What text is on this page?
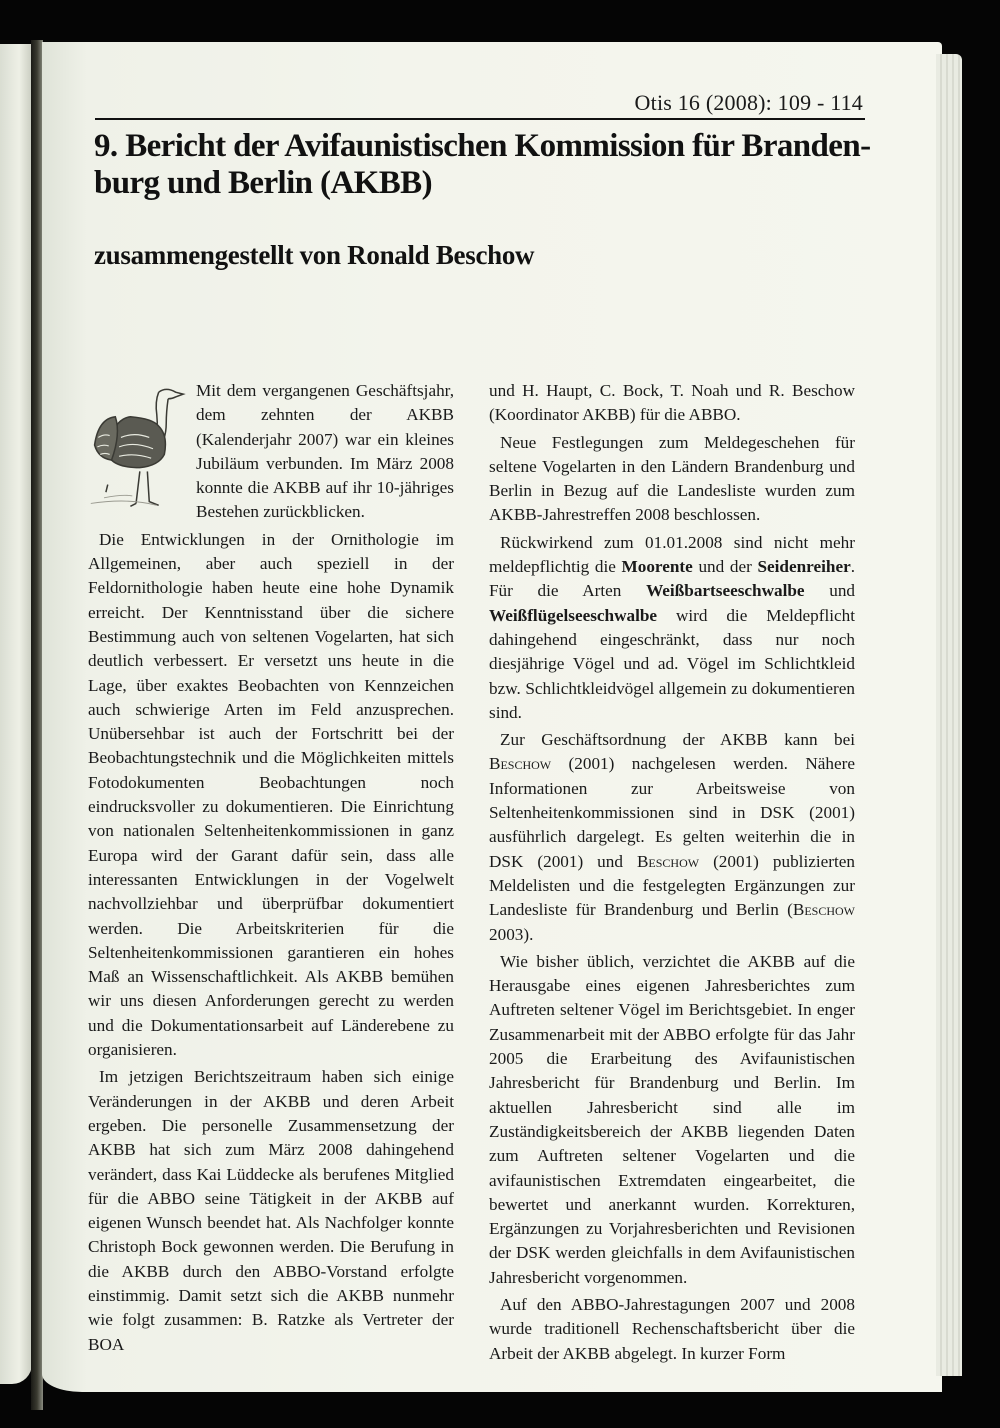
Otis 16 (2008): 109 - 114
9. Bericht der Avifaunistischen Kommission für Branden-
burg und Berlin (AKBB)
zusammengestellt von Ronald Beschow

Mit dem vergangenen Geschäftsjahr, dem zehnten der AKBB (Kalenderjahr 2007) war ein kleines Jubiläum verbunden. Im März 2008 konnte die AKBB auf ihr 10-jähriges Bestehen zurückblicken.

Die Entwicklungen in der Ornithologie im Allgemeinen, aber auch speziell in der Feldornithologie haben heute eine hohe Dynamik erreicht. Der Kenntnisstand über die sichere Bestimmung auch von seltenen Vogelarten, hat sich deutlich verbessert. Er versetzt uns heute in die Lage, über exaktes Beobachten von Kennzeichen auch schwierige Arten im Feld anzusprechen. Unübersehbar ist auch der Fortschritt bei der Beobachtungstechnik und die Möglichkeiten mittels Fotodokumenten Beobachtungen noch eindrucksvoller zu dokumentieren. Die Einrichtung von nationalen Seltenheitenkommissionen in ganz Europa wird der Garant dafür sein, dass alle interessanten Entwicklungen in der Vogelwelt nachvollziehbar und überprüfbar dokumentiert werden. Die Arbeitskriterien für die Seltenheitenkommissionen garantieren ein hohes Maß an Wissenschaftlichkeit. Als AKBB bemühen wir uns diesen Anforderungen gerecht zu werden und die Dokumentationsarbeit auf Länderebene zu organisieren.

Im jetzigen Berichtszeitraum haben sich einige Veränderungen in der AKBB und deren Arbeit ergeben. Die personelle Zusammensetzung der AKBB hat sich zum März 2008 dahingehend verändert, dass Kai Lüddecke als berufenes Mitglied für die ABBO seine Tätigkeit in der AKBB auf eigenen Wunsch beendet hat. Als Nachfolger konnte Christoph Bock gewonnen werden. Die Berufung in die AKBB durch den ABBO-Vorstand erfolgte einstimmig. Damit setzt sich die AKBB nunmehr wie folgt zusammen: B. Ratzke als Vertreter der BOA

und H. Haupt, C. Bock, T. Noah und R. Beschow (Koordinator AKBB) für die ABBO.

Neue Festlegungen zum Meldegeschehen für seltene Vogelarten in den Ländern Brandenburg und Berlin in Bezug auf die Landesliste wurden zum AKBB-Jahrestreffen 2008 beschlossen.

Rückwirkend zum 01.01.2008 sind nicht mehr meldepflichtig die Moorente und der Seidenreiher. Für die Arten Weißbartseeschwalbe und Weißflügelseeschwalbe wird die Meldepflicht dahingehend eingeschränkt, dass nur noch diesjährige Vögel und ad. Vögel im Schlichtkleid bzw. Schlichtkleidvögel allgemein zu dokumentieren sind.

Zur Geschäftsordnung der AKBB kann bei Beschow (2001) nachgelesen werden. Nähere Informationen zur Arbeitsweise von Seltenheitenkommissionen sind in DSK (2001) ausführlich dargelegt. Es gelten weiterhin die in DSK (2001) und Beschow (2001) publizierten Meldelisten und die festgelegten Ergänzungen zur Landesliste für Brandenburg und Berlin (Beschow 2003).

Wie bisher üblich, verzichtet die AKBB auf die Herausgabe eines eigenen Jahresberichtes zum Auftreten seltener Vögel im Berichtsgebiet. In enger Zusammenarbeit mit der ABBO erfolgte für das Jahr 2005 die Erarbeitung des Avifaunistischen Jahresbericht für Brandenburg und Berlin. Im aktuellen Jahresbericht sind alle im Zuständigkeitsbereich der AKBB liegenden Daten zum Auftreten seltener Vogelarten und die avifaunistischen Extremdaten eingearbeitet, die bewertet und anerkannt wurden. Korrekturen, Ergänzungen zu Vorjahresberichten und Revisionen der DSK werden gleichfalls in dem Avifaunistischen Jahresbericht vorgenommen.

Auf den ABBO-Jahrestagungen 2007 und 2008 wurde traditionell Rechenschaftsbericht über die Arbeit der AKBB abgelegt. In kurzer Form
